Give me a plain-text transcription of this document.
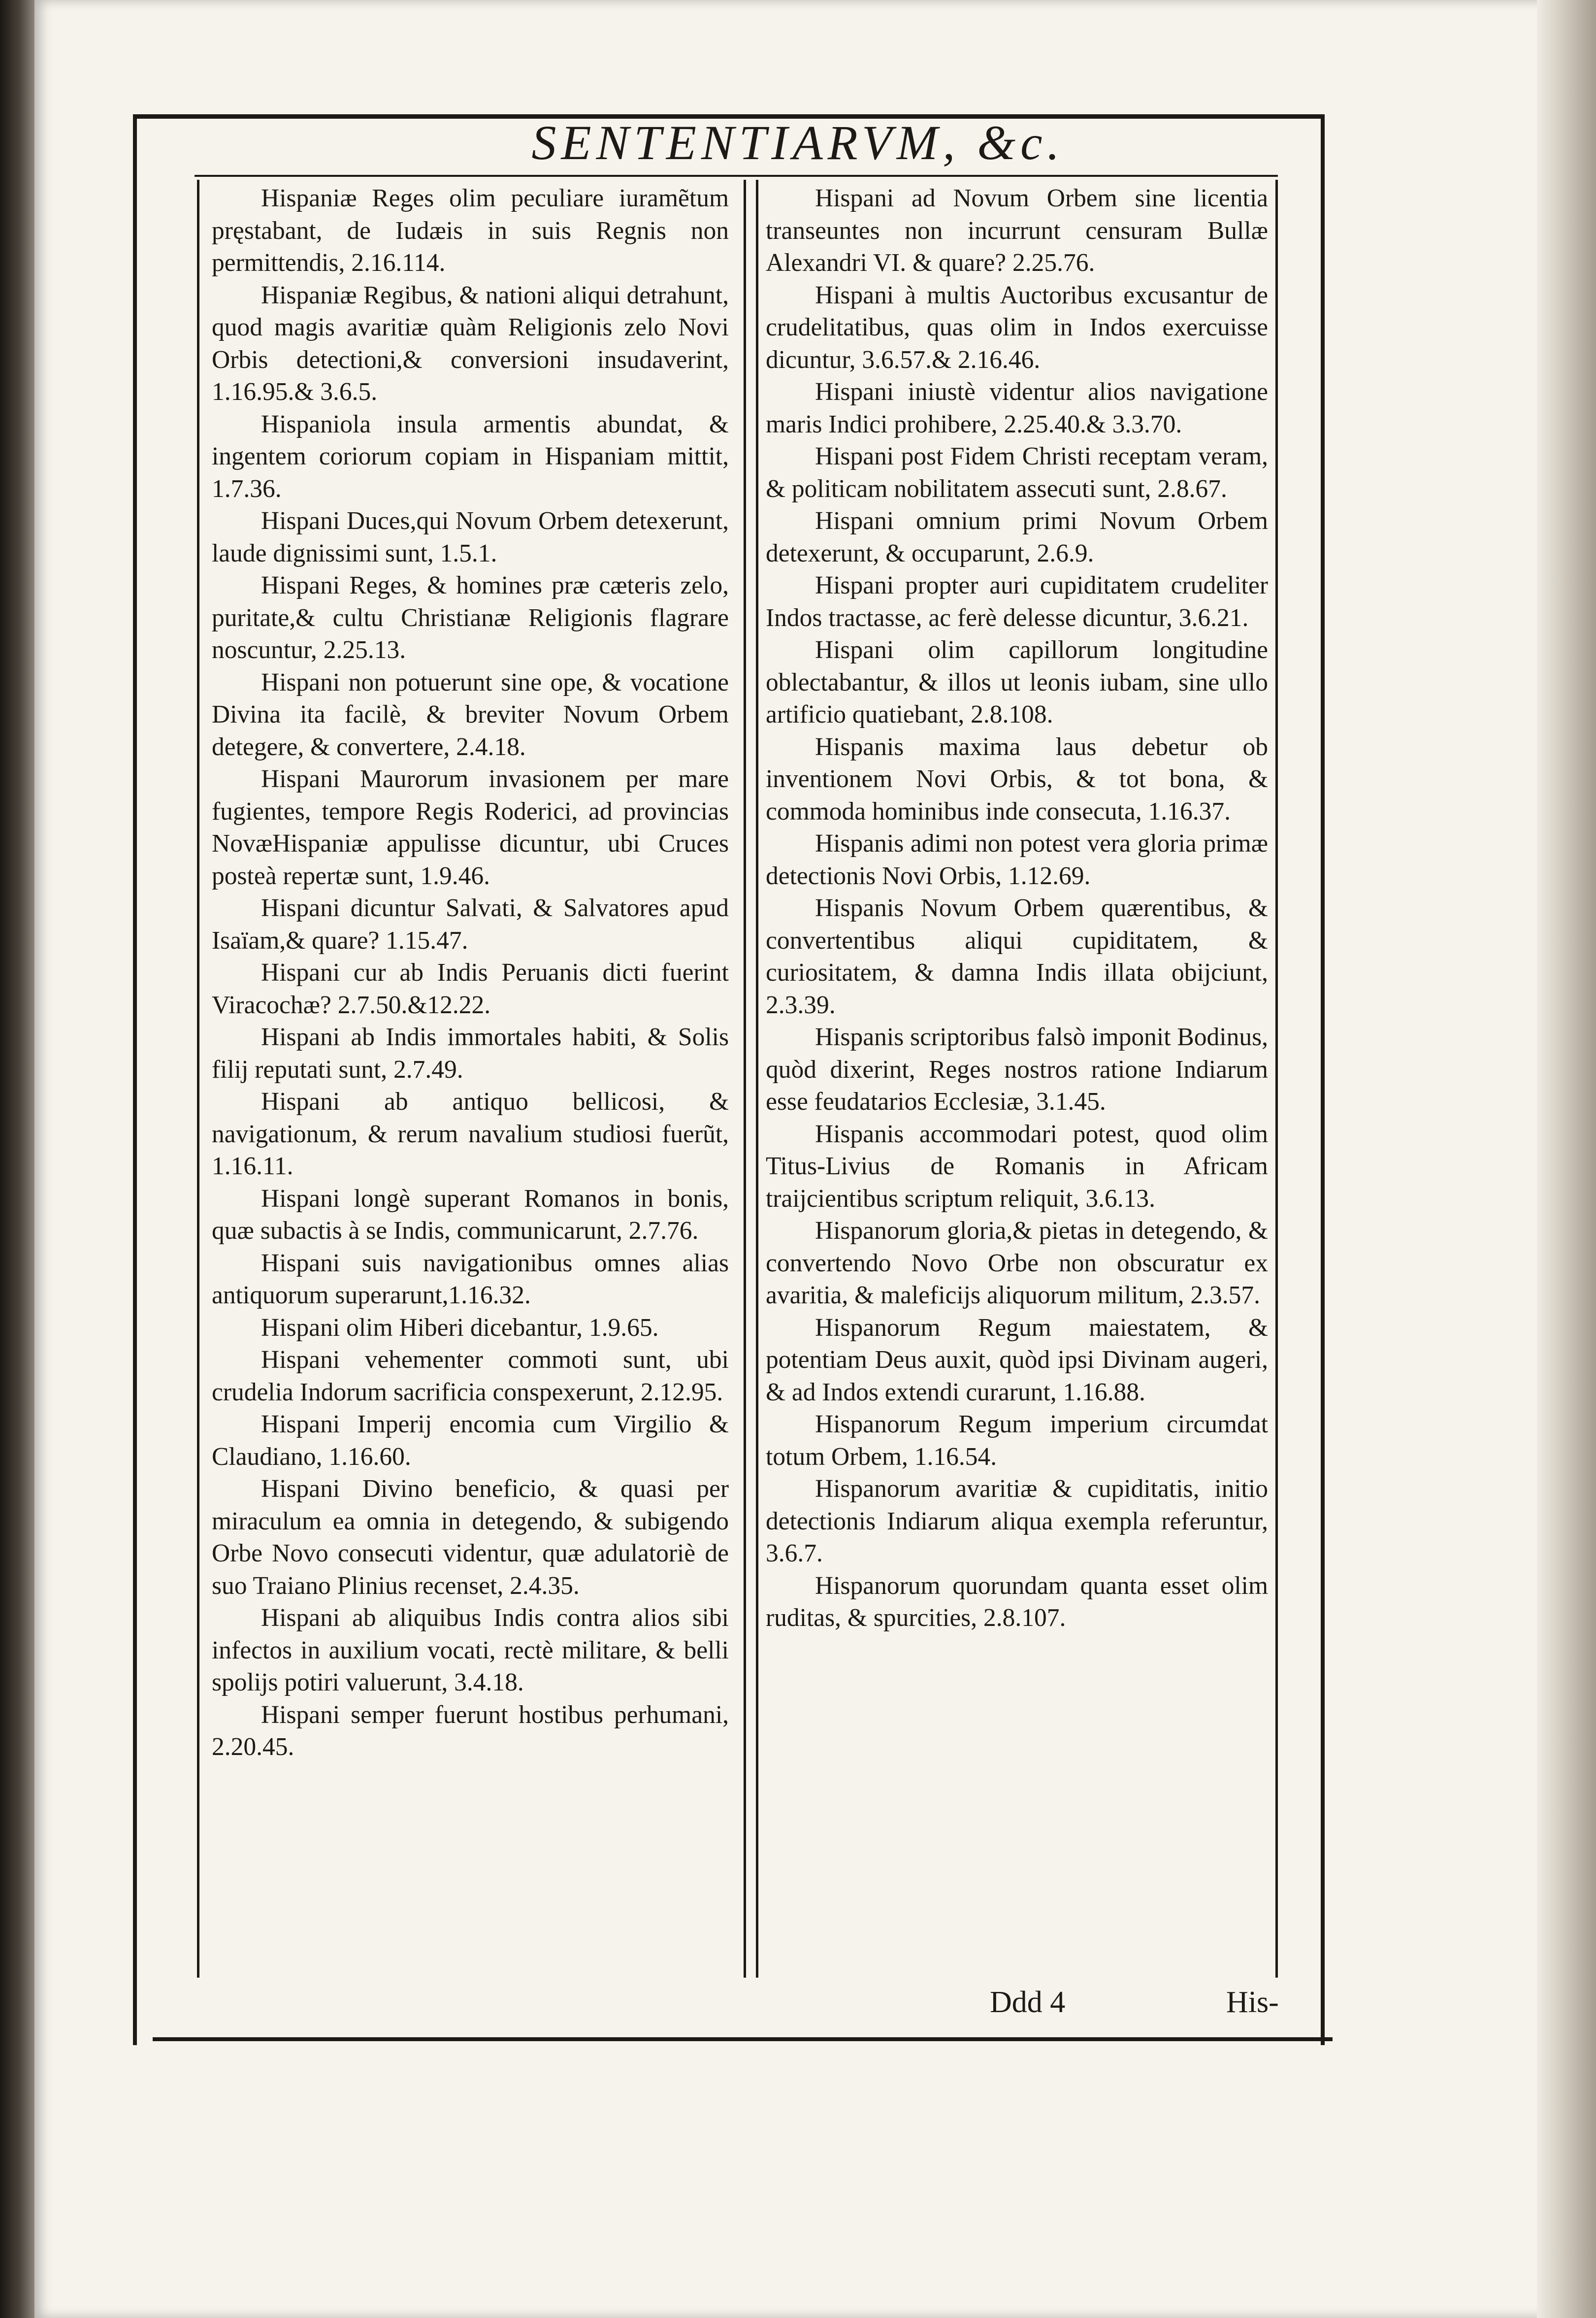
SENTENTIARVM, &c.

Hispaniæ Reges olim peculiare iuramẽtum pręstabant, de Iudæis in suis Regnis non permittendis, 2.16.114.

Hispaniæ Regibus, & nationi aliqui detrahunt, quod magis avaritiæ quàm Religionis zelo Novi Orbis detectioni,& conversioni insudaverint, 1.16.95.& 3.6.5.

Hispaniola insula armentis abundat, & ingentem coriorum copiam in Hispaniam mittit, 1.7.36.

Hispani Duces,qui Novum Orbem detexerunt, laude dignissimi sunt, 1.5.1.

Hispani Reges, & homines præ cæteris zelo, puritate,& cultu Christianæ Religionis flagrare noscuntur, 2.25.13.

Hispani non potuerunt sine ope, & vocatione Divina ita facilè, & breviter Novum Orbem detegere, & convertere, 2.4.18.

Hispani Maurorum invasionem per mare fugientes, tempore Regis Roderici, ad provincias NovæHispaniæ appulisse dicuntur, ubi Cruces posteà repertæ sunt, 1.9.46.

Hispani dicuntur Salvati, & Salvatores apud Isaïam,& quare? 1.15.47.

Hispani cur ab Indis Peruanis dicti fuerint Viracochæ? 2.7.50.&12.22.

Hispani ab Indis immortales habiti, & Solis filij reputati sunt, 2.7.49.

Hispani ab antiquo bellicosi, & navigationum, & rerum navalium studiosi fuerũt, 1.16.11.

Hispani longè superant Romanos in bonis, quæ subactis à se Indis, communicarunt, 2.7.76.

Hispani suis navigationibus omnes alias antiquorum superarunt,1.16.32.

Hispani olim Hiberi dicebantur, 1.9.65.

Hispani vehementer commoti sunt, ubi crudelia Indorum sacrificia conspexerunt, 2.12.95.

Hispani Imperij encomia cum Virgilio & Claudiano, 1.16.60.

Hispani Divino beneficio, & quasi per miraculum ea omnia in detegendo, & subigendo Orbe Novo consecuti videntur, quæ adulatoriè de suo Traiano Plinius recenset, 2.4.35.

Hispani ab aliquibus Indis contra alios sibi infectos in auxilium vocati, rectè militare, & belli spolijs potiri valuerunt, 3.4.18.

Hispani semper fuerunt hostibus perhumani, 2.20.45.

Hispani ad Novum Orbem sine licentia transeuntes non incurrunt censuram Bullæ Alexandri VI. & quare? 2.25.76.

Hispani à multis Auctoribus excusantur de crudelitatibus, quas olim in Indos exercuisse dicuntur, 3.6.57.& 2.16.46.

Hispani iniustè videntur alios navigatione maris Indici prohibere, 2.25.40.& 3.3.70.

Hispani post Fidem Christi receptam veram, & politicam nobilitatem assecuti sunt, 2.8.67.

Hispani omnium primi Novum Orbem detexerunt, & occuparunt, 2.6.9.

Hispani propter auri cupiditatem crudeliter Indos tractasse, ac ferè delesse dicuntur, 3.6.21.

Hispani olim capillorum longitudine oblectabantur, & illos ut leonis iubam, sine ullo artificio quatiebant, 2.8.108.

Hispanis maxima laus debetur ob inventionem Novi Orbis, & tot bona, & commoda hominibus inde consecuta, 1.16.37.

Hispanis adimi non potest vera gloria primæ detectionis Novi Orbis, 1.12.69.

Hispanis Novum Orbem quærentibus, & convertentibus aliqui cupiditatem, & curiositatem, & damna Indis illata obijciunt, 2.3.39.

Hispanis scriptoribus falsò imponit Bodinus, quòd dixerint, Reges nostros ratione Indiarum esse feudatarios Ecclesiæ, 3.1.45.

Hispanis accommodari potest, quod olim Titus-Livius de Romanis in Africam traijcientibus scriptum reliquit, 3.6.13.

Hispanorum gloria,& pietas in detegendo, & convertendo Novo Orbe non obscuratur ex avaritia, & maleficijs aliquorum militum, 2.3.57.

Hispanorum Regum maiestatem, & potentiam Deus auxit, quòd ipsi Divinam augeri, & ad Indos extendi curarunt, 1.16.88.

Hispanorum Regum imperium circumdat totum Orbem, 1.16.54.

Hispanorum avaritiæ & cupiditatis, initio detectionis Indiarum aliqua exempla referuntur, 3.6.7.

Hispanorum quorundam quanta esset olim ruditas, & spurcities, 2.8.107.

Ddd 4	His-
